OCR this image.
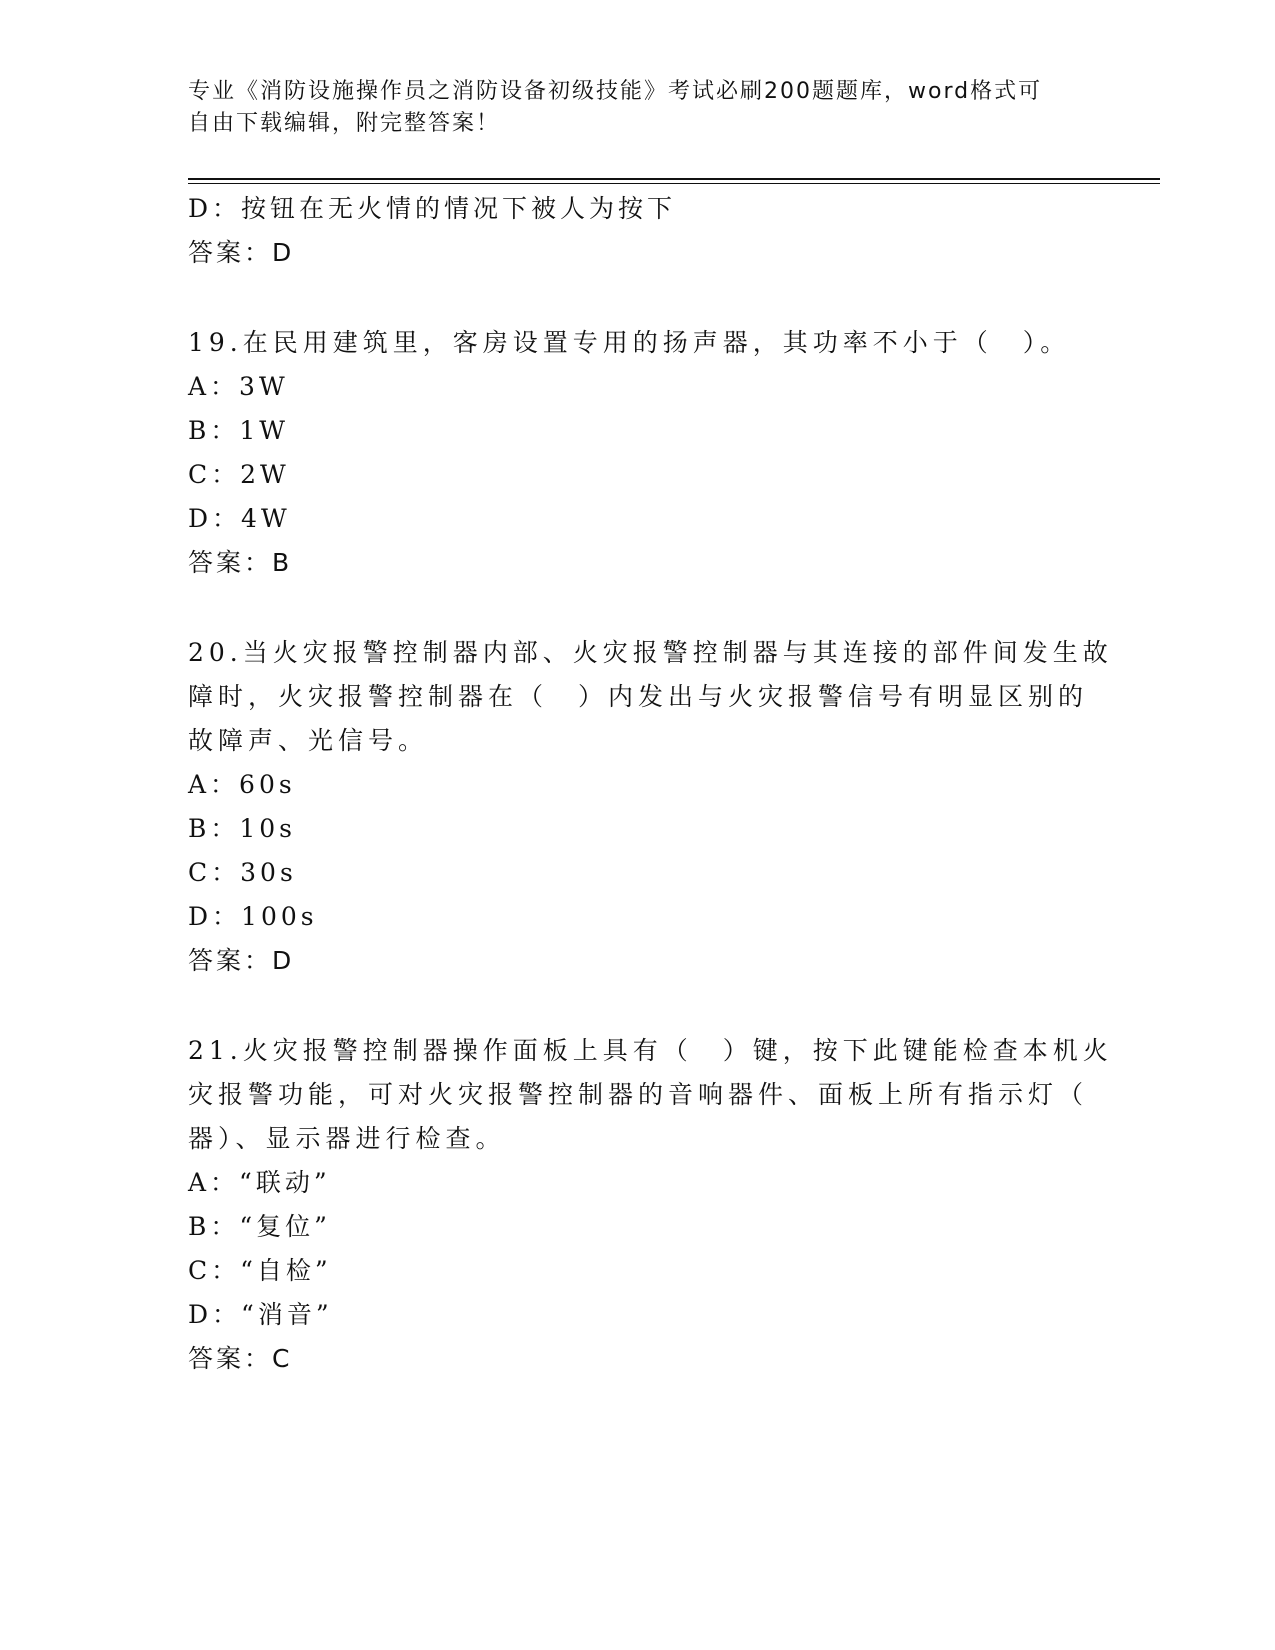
专业《消防设施操作员之消防设备初级技能》考试必刷200题题库，word格式可
自由下载编辑，附完整答案！
D：按钮在无火情的情况下被人为按下
答案：D
19.在民用建筑里，客房设置专用的扬声器，其功率不小于（　）。
A：3W
B：1W
C：2W
D：4W
答案：B
20.当火灾报警控制器内部、火灾报警控制器与其连接的部件间发生故
障时，火灾报警控制器在（　）内发出与火灾报警信号有明显区别的
故障声、光信号。
A：60s
B：10s
C：30s
D：100s
答案：D
21.火灾报警控制器操作面板上具有（　）键，按下此键能检查本机火
灾报警功能，可对火灾报警控制器的音响器件、面板上所有指示灯（
器）、显示器进行检查。
A：“联动”
B：“复位”
C：“自检”
D：“消音”
答案：C
